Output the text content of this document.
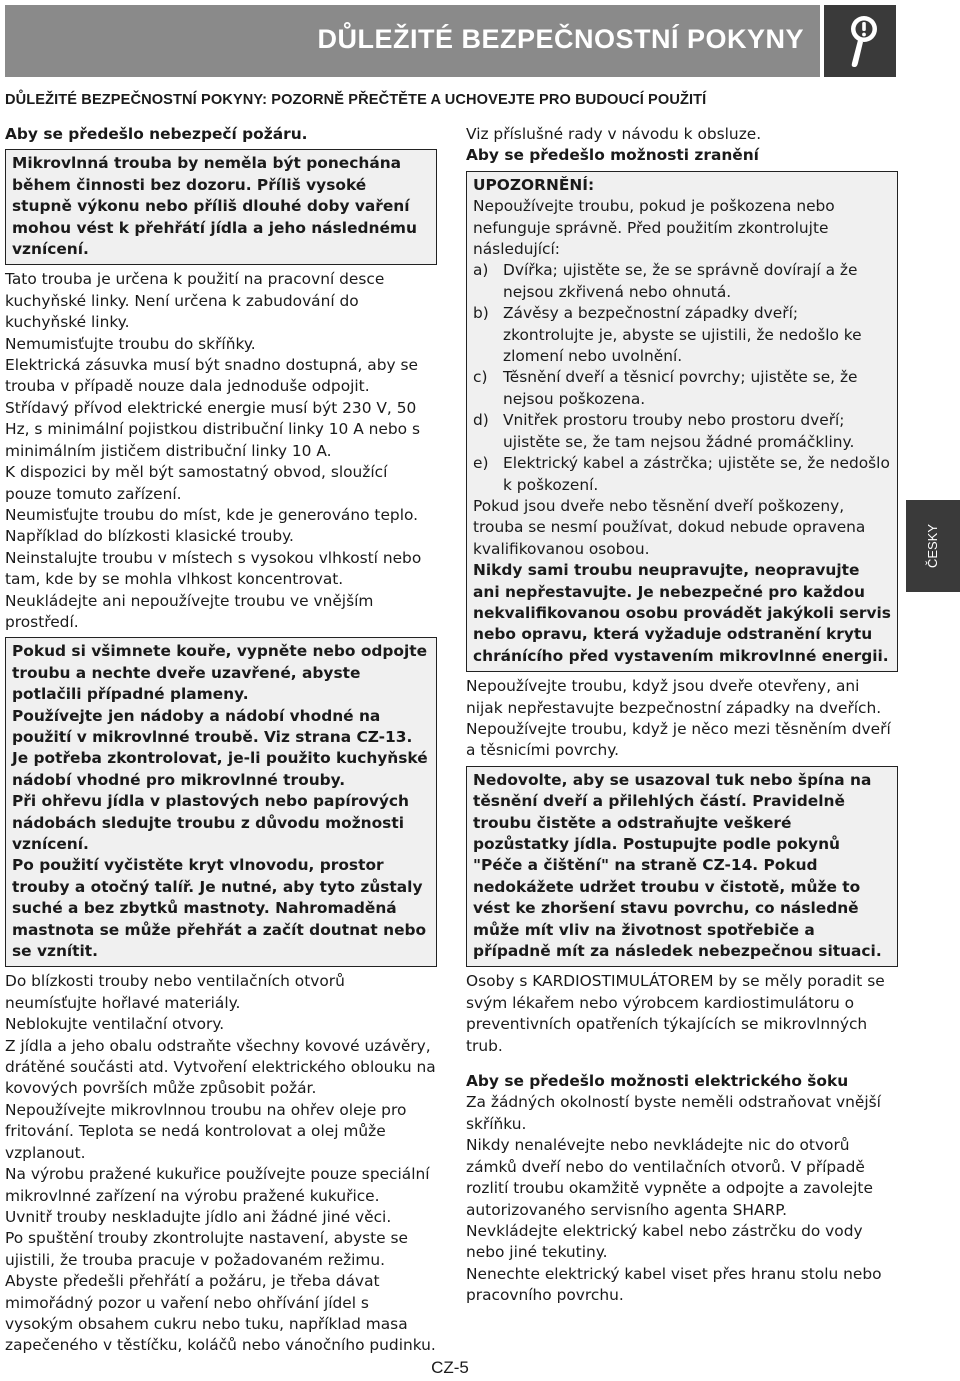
DŮLEŽITÉ BEZPEČNOSTNÍ POKYNY
DŮLEŽITÉ BEZPEČNOSTNÍ POKYNY: POZORNĚ PŘEČTĚTE A UCHOVEJTE PRO BUDOUCÍ POUŽITÍ

Aby se předešlo nebezpečí požáru.

Mikrovlnná trouba by neměla být ponechána během činnosti bez dozoru. Příliš vysoké stupně výkonu nebo příliš dlouhé doby vaření mohou vést k přehřátí jídla a jeho následnému vznícení.

Tato trouba je určena k použití na pracovní desce kuchyňské linky. Není určena k zabudování do kuchyňské linky.

Nemumisťujte troubu do skříňky.

Elektrická zásuvka musí být snadno dostupná, aby se trouba v případě nouze dala jednoduše odpojit.

Střídavý přívod elektrické energie musí být 230 V, 50 Hz, s minimální pojistkou distribuční linky 10 A nebo s minimálním jističem distribuční linky 10 A.

K dispozici by měl být samostatný obvod, sloužící pouze tomuto zařízení.

Neumisťujte troubu do míst, kde je generováno teplo. Například do blízkosti klasické trouby.

Neinstalujte troubu v místech s vysokou vlhkostí nebo tam, kde by se mohla vlhkost koncentrovat.

Neukládejte ani nepoužívejte troubu ve vnějším prostředí.

Pokud si všimnete kouře, vypněte nebo odpojte troubu a nechte dveře uzavřené, abyste potlačili případné plameny.

Používejte jen nádoby a nádobí vhodné na použití v mikrovlnné troubě. Viz strana CZ-13. Je potřeba zkontrolovat, je-li použito kuchyňské nádobí vhodné pro mikrovlnné trouby.

Při ohřevu jídla v plastových nebo papírových nádobách sledujte troubu z důvodu možnosti vznícení.

Po použití vyčistěte kryt vlnovodu, prostor trouby a otočný talíř. Je nutné, aby tyto zůstaly suché a bez zbytků mastnoty. Nahromaděná mastnota se může přehřát a začít doutnat nebo se vznítit.

Do blízkosti trouby nebo ventilačních otvorů neumísťujte hořlavé materiály.

Neblokujte ventilační otvory.

Z jídla a jeho obalu odstraňte všechny kovové uzávěry, drátěné součásti atd. Vytvoření elektrického oblouku na kovových površích může způsobit požár.

Nepoužívejte mikrovlnnou troubu na ohřev oleje pro fritování. Teplota se nedá kontrolovat a olej může vzplanout.

Na výrobu pražené kukuřice používejte pouze speciální mikrovlnné zařízení na výrobu pražené kukuřice.

Uvnitř trouby neskladujte jídlo ani žádné jiné věci.

Po spuštění trouby zkontrolujte nastavení, abyste se ujistili, že trouba pracuje v požadovaném režimu.

Abyste předešli přehřátí a požáru, je třeba dávat mimořádný pozor u vaření nebo ohřívání jídel s vysokým obsahem cukru nebo tuku, například masa zapečeného v těstíčku, koláčů nebo vánočního pudinku.

Viz příslušné rady v návodu k obsluze.

Aby se předešlo možnosti zranění

UPOZORNĚNÍ:

Nepoužívejte troubu, pokud je poškozena nebo nefunguje správně. Před použitím zkontrolujte následující:

a) Dvířka; ujistěte se, že se správně dovírají a že nejsou zkřivená nebo ohnutá.
b) Závěsy a bezpečnostní západky dveří; zkontrolujte je, abyste se ujistili, že nedošlo ke zlomení nebo uvolnění.
c)	Těsnění dveří a těsnicí povrchy; ujistěte se, že nejsou poškozena.
d) Vnitřek prostoru trouby nebo prostoru dveří; ujistěte se, že tam nejsou žádné promáčkliny.
e) Elektrický kabel a zástrčka; ujistěte se, že nedošlo k poškození.

Pokud jsou dveře nebo těsnění dveří poškozeny, trouba se nesmí používat, dokud nebude opravena kvalifikovanou osobou.

Nikdy sami troubu neupravujte, neopravujte ani nepřestavujte. Je nebezpečné pro každou nekvalifikovanou osobu provádět jakýkoli servis nebo opravu, která vyžaduje odstranění krytu chránícího před vystavením mikrovlnné energii.

Nepoužívejte troubu, když jsou dveře otevřeny, ani nijak nepřestavujte bezpečnostní západky na dveřích. Nepoužívejte troubu, když je něco mezi těsněním dveří a těsnicími povrchy.

Nedovolte, aby se usazoval tuk nebo špína na těsnění dveří a přilehlých částí. Pravidelně troubu čistěte a odstraňujte veškeré pozůstatky jídla. Postupujte podle pokynů "Péče a čištění" na straně CZ-14. Pokud nedokážete udržet troubu v čistotě, může to vést ke zhoršení stavu povrchu, co následně může mít vliv na životnost spotřebiče a případně mít za následek nebezpečnou situaci.

Osoby s KARDIOSTIMULÁTOREM by se měly poradit se svým lékařem nebo výrobcem kardiostimulátoru o preventivních opatřeních týkajících se mikrovlnných trub.

Aby se předešlo možnosti elektrického šoku

Za žádných okolností byste neměli odstraňovat vnější skříňku.

Nikdy nenalévejte nebo nevkládejte nic do otvorů zámků dveří nebo do ventilačních otvorů. V případě rozlití troubu okamžitě vypněte a odpojte a zavolejte autorizovaného servisního agenta SHARP.

Nevkládejte elektrický kabel nebo zástrčku do vody nebo jiné tekutiny.

Nenechte elektrický kabel viset přes hranu stolu nebo pracovního povrchu.

ČESKY
CZ-5
